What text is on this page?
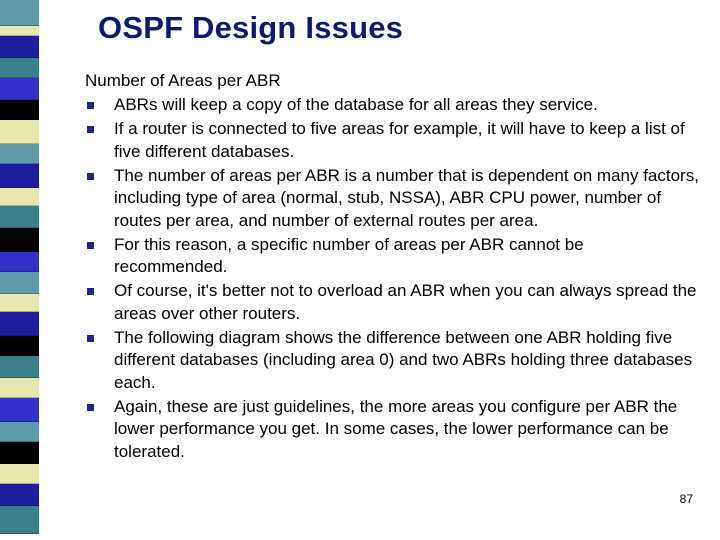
OSPF Design Issues
Number of Areas per ABR
ABRs will keep a copy of the database for all areas they service.
If a router is connected to five areas for example, it will have to keep a list of five different databases.
The number of areas per ABR is a number that is dependent on many factors, including type of area (normal, stub, NSSA), ABR CPU power, number of routes per area, and number of external routes per area.
For this reason, a specific number of areas per ABR cannot be recommended.
Of course, it's better not to overload an ABR when you can always spread the areas over other routers.
The following diagram shows the difference between one ABR holding five different databases (including area 0) and two ABRs holding three databases each.
Again, these are just guidelines, the more areas you configure per ABR the lower performance you get. In some cases, the lower performance can be tolerated.
87
